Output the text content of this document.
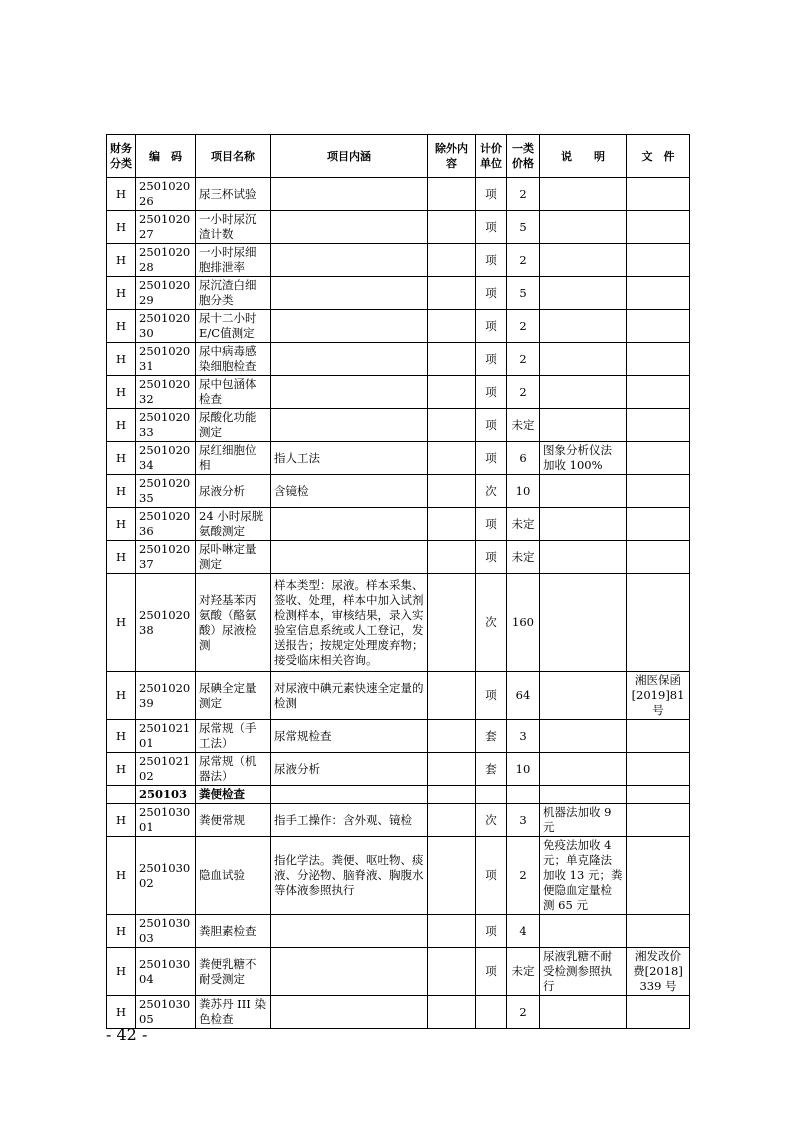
财务分类	编　码	项目名称	项目内涵	除外内容	计价单位	一类价格	说　　明	文　件
H	250102026	尿三杯试验			项	2		
H	250102027	一小时尿沉渣计数			项	5		
H	250102028	一小时尿细胞排泄率			项	2		
H	250102029	尿沉渣白细胞分类			项	5		
H	250102030	尿十二小时E/C值测定			项	2		
H	250102031	尿中病毒感染细胞检查			项	2		
H	250102032	尿中包涵体检查			项	2		
H	250102033	尿酸化功能测定			项	未定		
H	250102034	尿红细胞位相	指人工法		项	6	图象分析仪法加收 100%	
H	250102035	尿液分析	含镜检		次	10		
H	250102036	24 小时尿胱氨酸测定			项	未定		
H	250102037	尿卟啉定量测定			项	未定		
H	250102038	对羟基苯丙氨酸（酪氨酸）尿液检测	样本类型：尿液。样本采集、签收、处理，样本中加入试剂检测样本，审核结果，录入实验室信息系统或人工登记，发送报告；按规定处理废弃物；接受临床相关咨询。		次	160		
H	250102039	尿碘全定量测定	对尿液中碘元素快速全定量的检测		项	64		湘医保函[2019]81 号
H	250102101	尿常规（手工法）	尿常规检查		套	3		
H	250102102	尿常规（机器法）	尿液分析		套	10		
	250103	粪便检查						
H	250103001	粪便常规	指手工操作：含外观、镜检		次	3	机器法加收 9 元	
H	250103002	隐血试验	指化学法。粪便、呕吐物、痰液、分泌物、脑脊液、胸腹水等体液参照执行		项	2	免疫法加收 4 元；单克隆法加收 13 元；粪便隐血定量检测 65 元	
H	250103003	粪胆素检查			项	4		
H	250103004	粪便乳糖不耐受测定			项	未定	尿液乳糖不耐受检测参照执行	湘发改价费[2018]339 号
H	250103005	粪苏丹 III 染色检查				2		
- 42 -
